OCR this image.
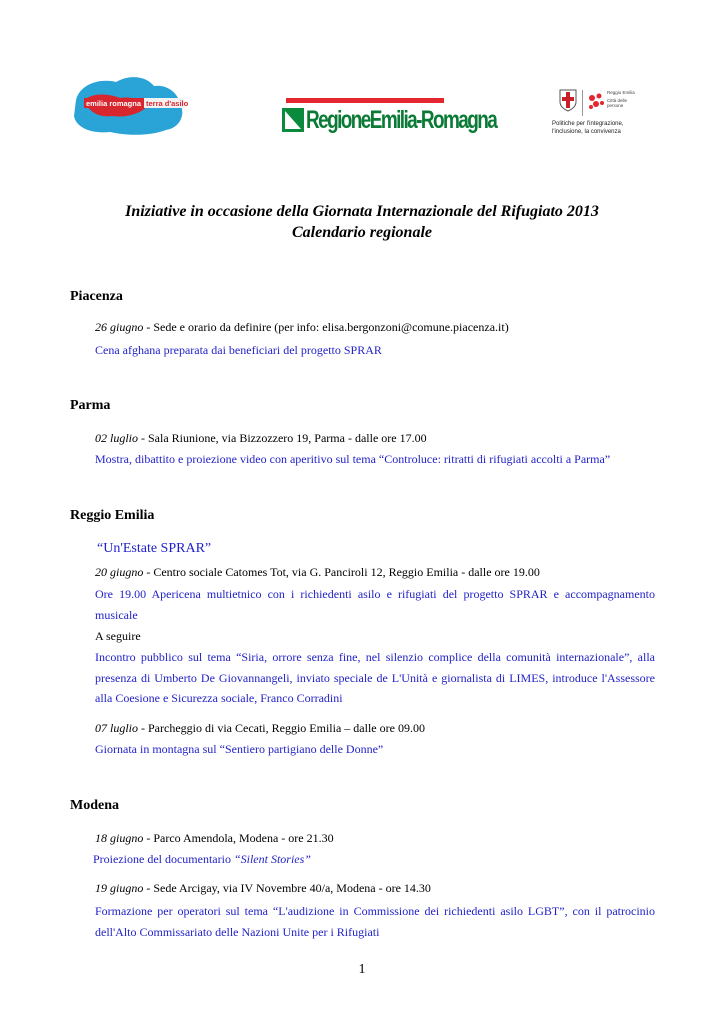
emilia romagna terra d'asilo
RegioneEmilia-Romagna
Reggio Emilia
Città delle persone
Politiche per l'integrazione,
l'inclusione, la convivenza
Iniziative in occasione della Giornata Internazionale del Rifugiato 2013
Calendario regionale
Piacenza
26 giugno - Sede e orario da definire (per info: elisa.bergonzoni@comune.piacenza.it)
Cena afghana preparata dai beneficiari del progetto SPRAR
Parma
02 luglio - Sala Riunione, via Bizzozzero 19, Parma - dalle ore 17.00
Mostra, dibattito e proiezione video con aperitivo sul tema “Controluce: ritratti di rifugiati accolti a Parma”
Reggio Emilia
“Un'Estate SPRAR”
20 giugno - Centro sociale Catomes Tot, via G. Panciroli 12, Reggio Emilia - dalle ore 19.00
Ore 19.00 Apericena multietnico con i richiedenti asilo e rifugiati del progetto SPRAR e accompagnamento musicale
A seguire
Incontro pubblico sul tema “Siria, orrore senza fine, nel silenzio complice della comunità internazionale”, alla presenza di Umberto De Giovannangeli, inviato speciale de L'Unità e giornalista di LIMES, introduce l'Assessore alla Coesione e Sicurezza sociale, Franco Corradini
07 luglio - Parcheggio di via Cecati, Reggio Emilia – dalle ore 09.00
Giornata in montagna sul “Sentiero partigiano delle Donne”
Modena
18 giugno - Parco Amendola, Modena - ore 21.30
Proiezione del documentario “Silent Stories”
19 giugno - Sede Arcigay, via IV Novembre 40/a, Modena - ore 14.30
Formazione per operatori sul tema “L'audizione in Commissione dei richiedenti asilo LGBT”, con il patrocinio dell'Alto Commissariato delle Nazioni Unite per i Rifugiati
1
